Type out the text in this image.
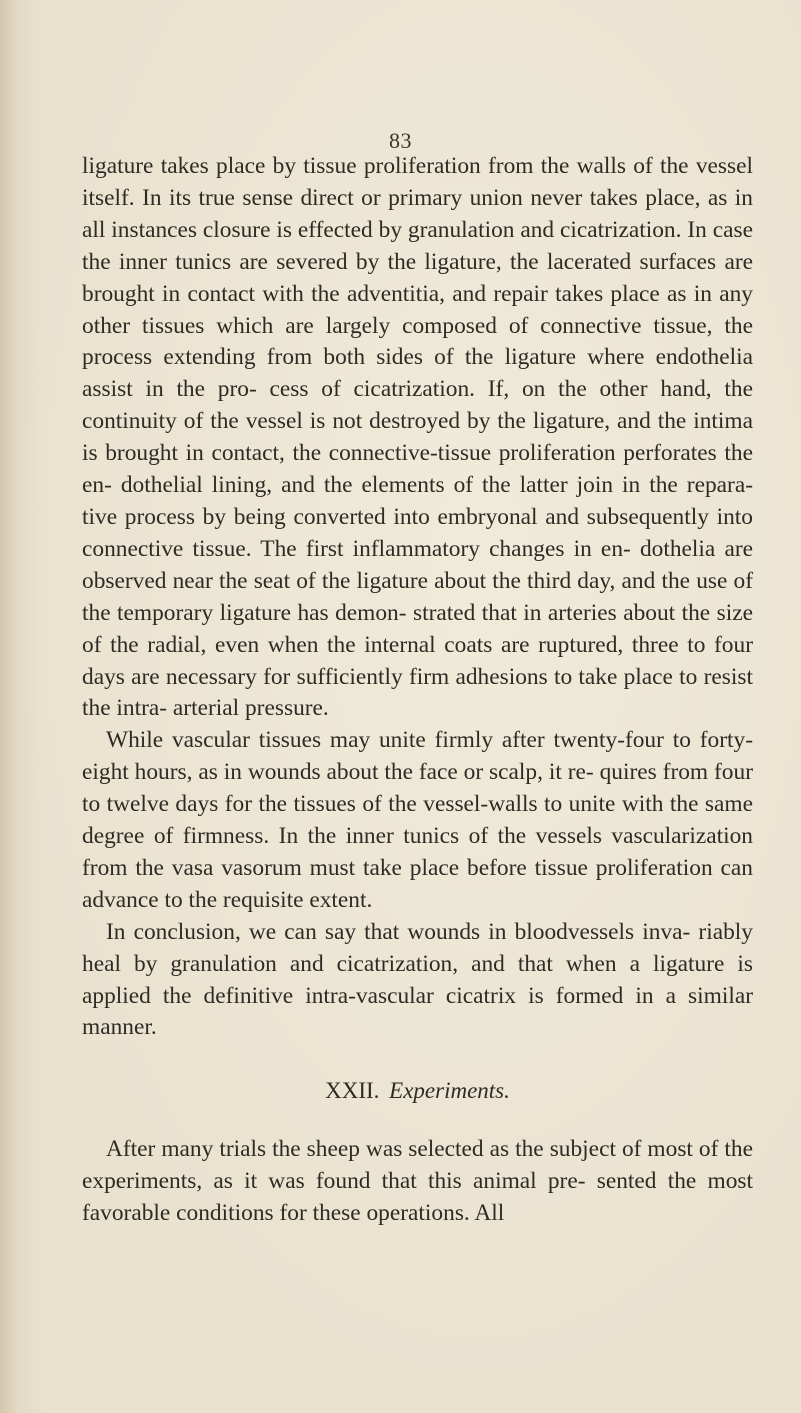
83

ligature takes place by tissue proliferation from the walls of the vessel itself. In its true sense direct or primary union never takes place, as in all instances closure is effected by granulation and cicatrization. In case the inner tunics are severed by the ligature, the lacerated surfaces are brought in contact with the adventitia, and repair takes place as in any other tissues which are largely composed of connective tissue, the process extending from both sides of the ligature where endothelia assist in the pro- cess of cicatrization. If, on the other hand, the continuity of the vessel is not destroyed by the ligature, and the intima is brought in contact, the connective-tissue proliferation perforates the en- dothelial lining, and the elements of the latter join in the repara- tive process by being converted into embryonal and subsequently into connective tissue. The first inflammatory changes in en- dothelia are observed near the seat of the ligature about the third day, and the use of the temporary ligature has demon- strated that in arteries about the size of the radial, even when the internal coats are ruptured, three to four days are necessary for sufficiently firm adhesions to take place to resist the intra- arterial pressure.

While vascular tissues may unite firmly after twenty-four to forty-eight hours, as in wounds about the face or scalp, it re- quires from four to twelve days for the tissues of the vessel-walls to unite with the same degree of firmness. In the inner tunics of the vessels vascularization from the vasa vasorum must take place before tissue proliferation can advance to the requisite extent.

In conclusion, we can say that wounds in bloodvessels inva- riably heal by granulation and cicatrization, and that when a ligature is applied the definitive intra-vascular cicatrix is formed in a similar manner.

XXII. Experiments.

After many trials the sheep was selected as the subject of most of the experiments, as it was found that this animal pre- sented the most favorable conditions for these operations. All
